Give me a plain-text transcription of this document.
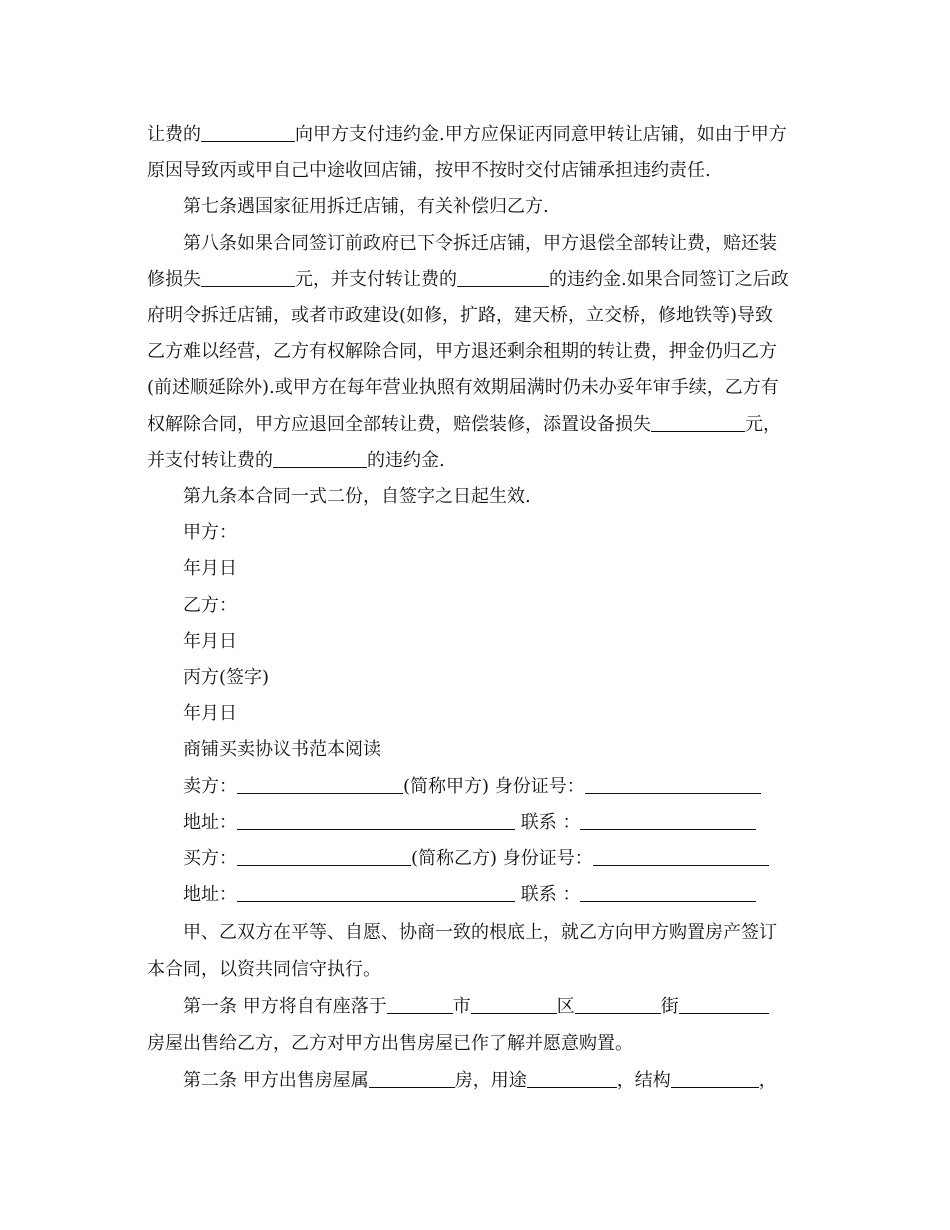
让费的	向甲方支付违约金.甲方应保证丙同意甲转让店铺，如由于甲方
原因导致丙或甲自己中途收回店铺，按甲不按时交付店铺承担违约责任.
第七条遇国家征用拆迁店铺，有关补偿归乙方.
第八条如果合同签订前政府已下令拆迁店铺，甲方退偿全部转让费，赔还装
修损失	元，并支付转让费的	的违约金.如果合同签订之后政
府明令拆迁店铺，或者市政建设(如修，扩路，建天桥，立交桥，修地铁等)导致
乙方难以经营，乙方有权解除合同，甲方退还剩余租期的转让费，押金仍归乙方
(前述顺延除外).或甲方在每年营业执照有效期届满时仍未办妥年审手续，乙方有
权解除合同，甲方应退回全部转让费，赔偿装修，添置设备损失	元，
并支付转让费的	的违约金.
第九条本合同一式二份，自签字之日起生效.
甲方：
年月日
乙方：
年月日
丙方(签字)
年月日
商铺买卖协议书范本阅读
卖方：	(简称甲方) 身份证号：
地址：	联系 ：
买方：	(简称乙方) 身份证号：
地址：	联系 ：
甲、乙双方在平等、自愿、协商一致的根底上，就乙方向甲方购置房产签订
本合同，以资共同信守执行。
第一条 甲方将自有座落于	市	区	街
房屋出售给乙方，乙方对甲方出售房屋已作了解并愿意购置。
第二条 甲方出售房屋属	房，用途	，结构	，
